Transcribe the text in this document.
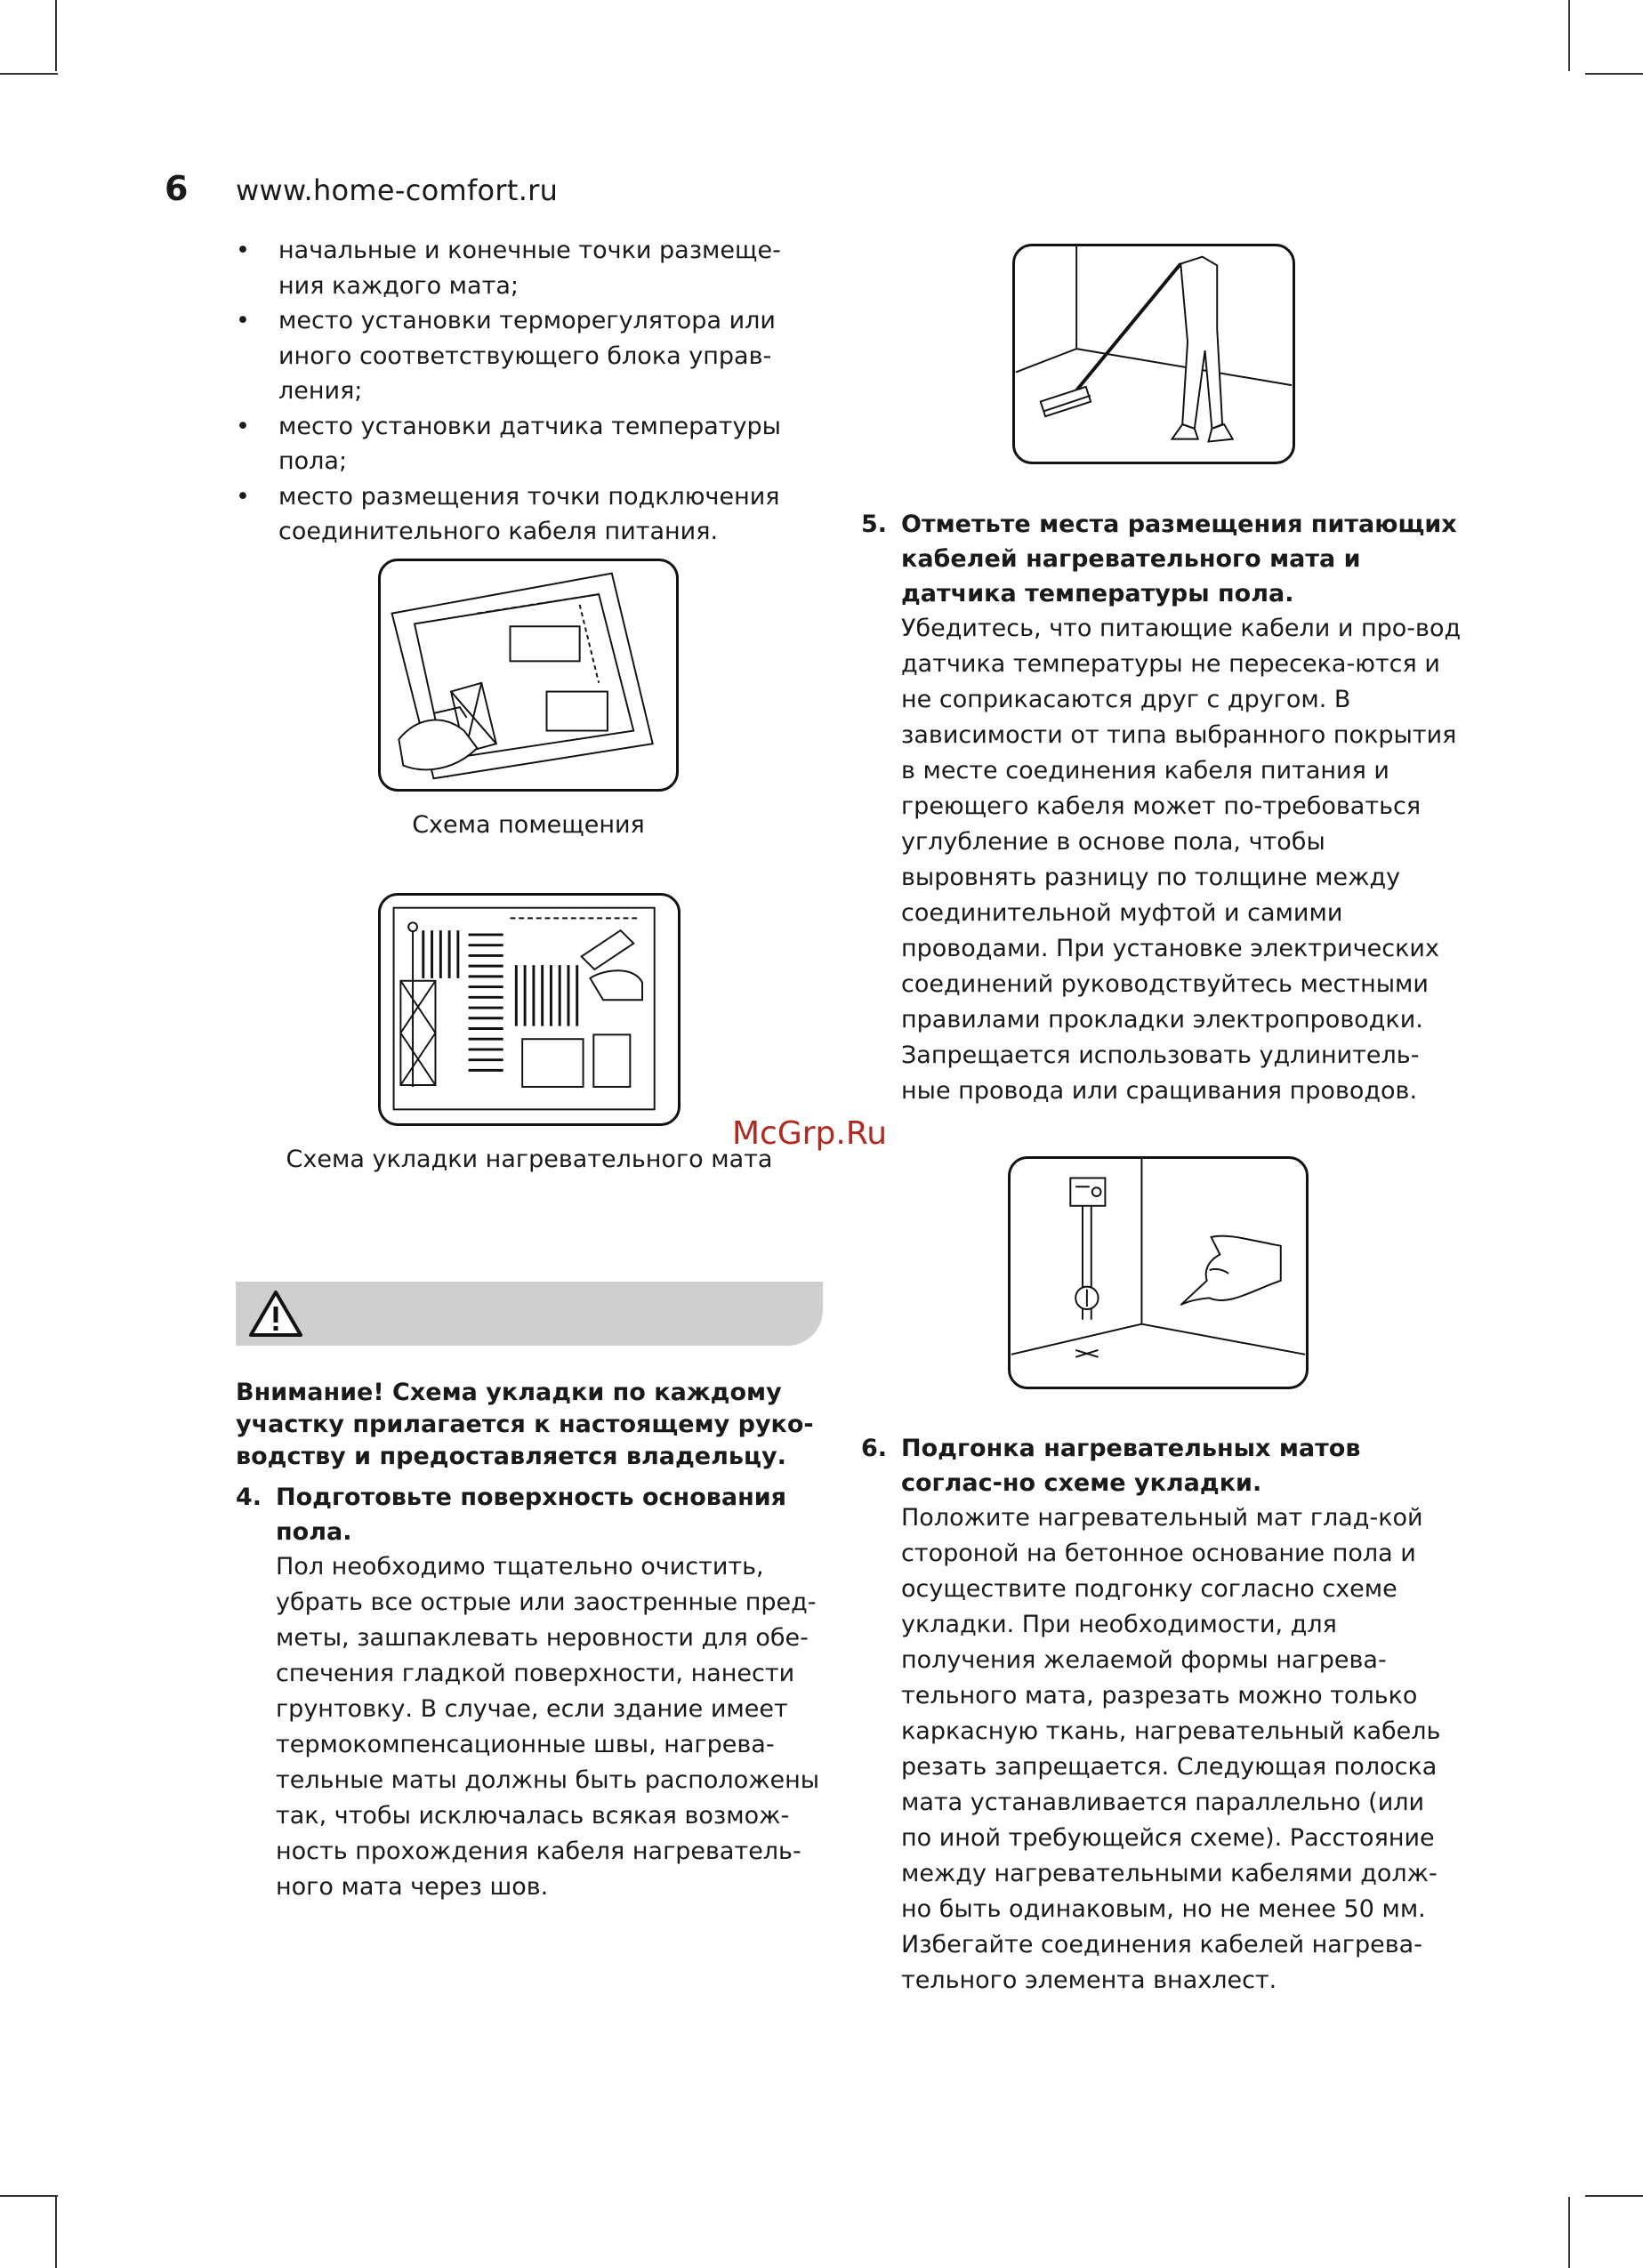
6	www.home-comfort.ru
• начальные и конечные точки размеще-ния каждого мата;
• место установки терморегулятора или иного соответствующего блока управ-ления;
• место установки датчика температуры пола;
• место размещения точки подключения соединительного кабеля питания.
Схема помещения
Схема укладки нагревательного мата
Внимание! Схема укладки по каждому участку прилагается к настоящему руко-водству и предоставляется владельцу.
4. Подготовьте поверхность основания пола.
Пол необходимо тщательно очистить, убрать все острые или заостренные пред-меты, зашпаклевать неровности для обе-спечения гладкой поверхности, нанести грунтовку. В случае, если здание имеет термокомпенсационные швы, нагрева-тельные маты должны быть расположены так, чтобы исключалась всякая возмож-ность прохождения кабеля нагреватель-ного мата через шов.
5. Отметьте места размещения питающих кабелей нагревательного мата и датчика температуры пола.
Убедитесь, что питающие кабели и про-вод датчика температуры не пересека-ются и не соприкасаются друг с другом. В зависимости от типа выбранного покрытия в месте соединения кабеля питания и греющего кабеля может по-требоваться углубление в основе пола, чтобы выровнять разницу по толщине между соединительной муфтой и самими проводами. При установке электрических соединений руководствуйтесь местными правилами прокладки электропроводки. Запрещается использовать удлинитель-ные провода или сращивания проводов.
6. Подгонка нагревательных матов соглас-но схеме укладки.
Положите нагревательный мат глад-кой стороной на бетонное основание пола и осуществите подгонку согласно схеме укладки. При необходимости, для получения желаемой формы нагрева-тельного мата, разрезать можно только каркасную ткань, нагревательный кабель резать запрещается. Следующая полоска мата устанавливается параллельно (или по иной требующейся схеме). Расстояние между нагревательными кабелями долж-но быть одинаковым, но не менее 50 мм. Избегайте соединения кабелей нагрева-тельного элемента внахлест.
McGrp.Ru
